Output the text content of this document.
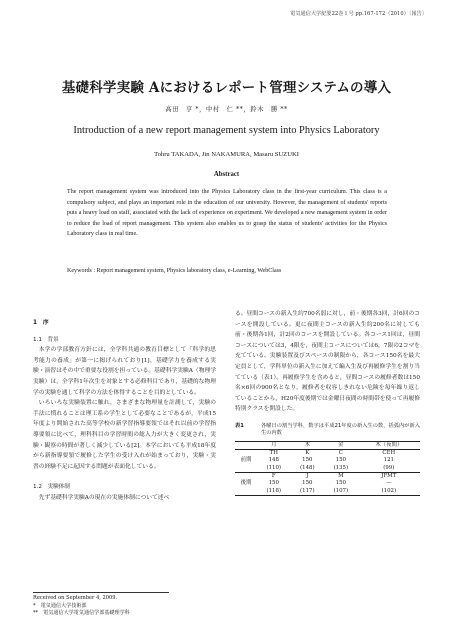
電気通信大学紀要22巻１号 pp.167-172（2010）〔報告〕
基礎科学実験 Aにおけるレポート管理システムの導入
高田　亨 *，中村　仁 **，鈴木　勝 **
Introduction of a new report management system into Physics Laboratory
Tohru TAKADA, Jin NAKAMURA, Masaru SUZUKI
Abstract
The report management system was introduced into the Physics Laboratory class in the first-year curriculum. This class is a compulsory subject, and plays an important role in the education of our university. However, the management of students' reports puts a heavy load on staff, associated with the lack of experience on experiment. We developed a new management system in order to reduce the load of report management. This system also enables us to grasp the status of students' activities for the Physics Laboratory class in real time.
Keywords : Report management system, Physics laboratory class, e-Learning, WebClass
1　序
1.1　背景

本学の学部教育方針には，全学科共通の教育目標として「科学的思考能力の養成」が第一に掲げられており[1]，基礎学力を養成する実験・演習はその中で重要な役割を担っている。基礎科学実験A（物理学実験）は，全学科1年次生を対象とする必修科目であり，基礎的な物理学の実験を通して科学の方法を体得することを目的としている。

いろいろな実験装置に触れ，さまざまな物理量を計測して，実験の手法に慣れることは理工系の学生として必要なことであるが，平成15年度より開始された高等学校の新学習指導要領ではそれ以前の学習指導要領に比べて，理科科目の学習時間の総入力が大きく変更され，実験・観察の時間が著しく減少している[2]。本学においても平成18年度から新指導要領で履修した学生の受け入れが始まっており，実験・実習の経験不足に起因する問題が表面化している。

1.2　実験体制

先ず基礎科学実験Aの現在の実施体制について述べ

る。昼間コースの新入生約700名弱に対し，前・後期各3回，計6回のコースを開設している。更に夜間主コースの新入生約200名に対しても前・後期各1回，計2回のコースを開設している。各コース1回は，昼間コースについては3，4限を，夜間主コースについては6，7限の2コマを充てている。実験装置及びスペースの制限から，各コース150名を最大定員として，学科単位の新入生に加えて編入生及び再履修学生を割り当てている（表1）。再履修学生を含めると，昼間コースの履修者数は150名×6回の900名となり，履修者を収容しきれない危険を毎年繰り返していることから，H20年度後期では金曜日夜間の時間帯を使って再履修特別クラスを開設した。
表1	各曜日の割当学科，数字は平成21年度の新入生の数，括弧内が新入生の内数
	月	木	金	木（夜間）
	TH	K	C	CEH
前期	148	150	150	121
	(110)	(148)	(135)	(99)
	F	J	M	JFMT
後期	150	150	150	—
	(118)	(117)	(107)	(102)
Received on September 4, 2009.
*　電気通信大学技術部
**　電気通信大学電気通信学部基礎理学科
